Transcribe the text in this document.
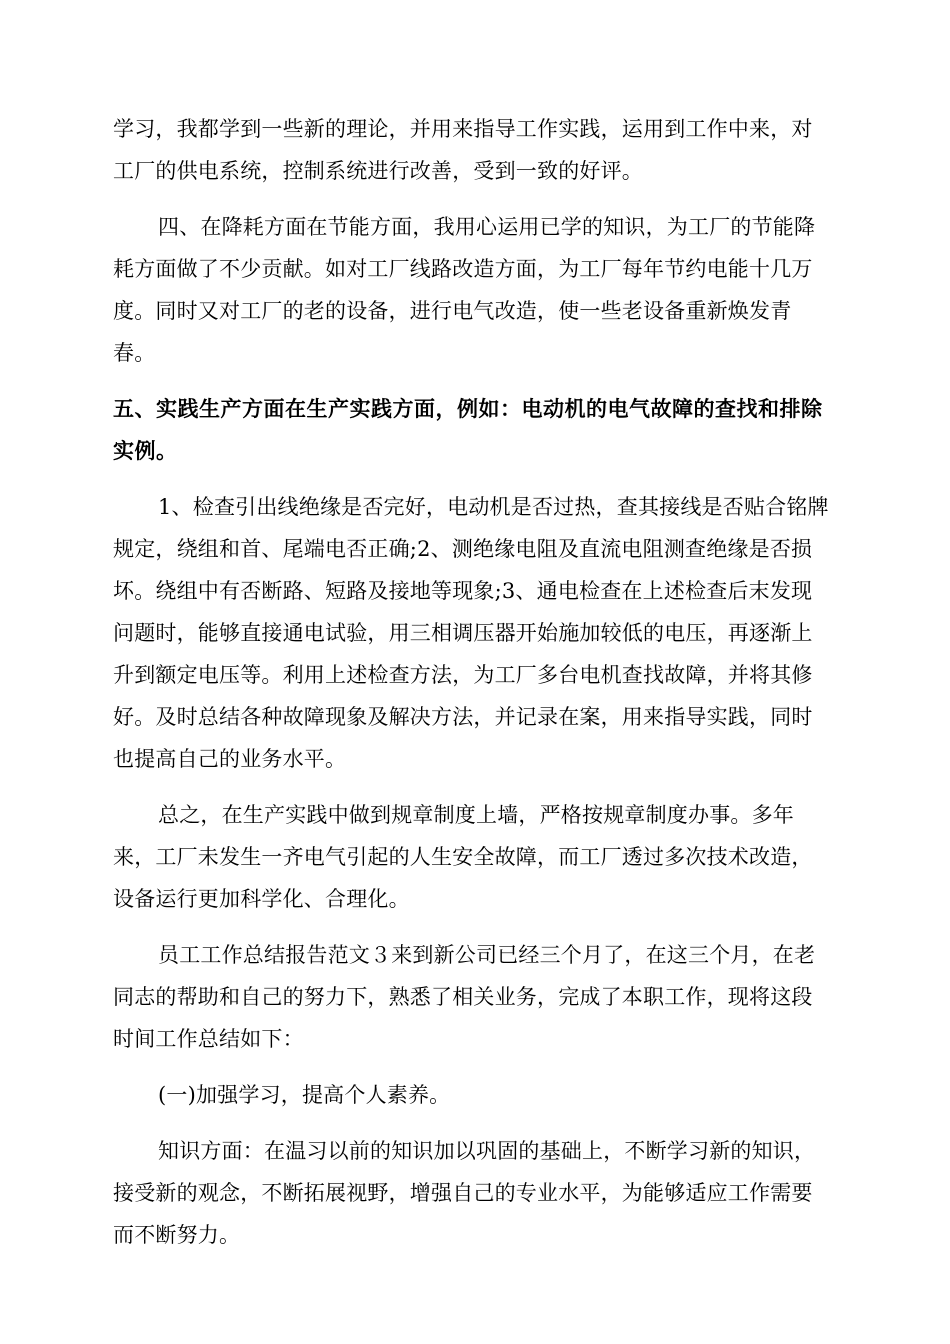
学习，我都学到一些新的理论，并用来指导工作实践，运用到工作中来，对工厂的供电系统，控制系统进行改善，受到一致的好评。

四、在降耗方面在节能方面，我用心运用已学的知识，为工厂的节能降耗方面做了不少贡献。如对工厂线路改造方面，为工厂每年节约电能十几万度。同时又对工厂的老的设备，进行电气改造，使一些老设备重新焕发青春。

五、实践生产方面在生产实践方面，例如：电动机的电气故障的查找和排除实例。

1、检查引出线绝缘是否完好，电动机是否过热，查其接线是否贴合铭牌规定，绕组和首、尾端电否正确;2、测绝缘电阻及直流电阻测查绝缘是否损坏。绕组中有否断路、短路及接地等现象;3、通电检查在上述检查后末发现问题时，能够直接通电试验，用三相调压器开始施加较低的电压，再逐渐上升到额定电压等。利用上述检查方法，为工厂多台电机查找故障，并将其修好。及时总结各种故障现象及解决方法，并记录在案，用来指导实践，同时也提高自己的业务水平。

总之，在生产实践中做到规章制度上墙，严格按规章制度办事。多年来，工厂未发生一齐电气引起的人生安全故障，而工厂透过多次技术改造，设备运行更加科学化、合理化。

员工工作总结报告范文３来到新公司已经三个月了，在这三个月，在老同志的帮助和自己的努力下，熟悉了相关业务，完成了本职工作，现将这段时间工作总结如下：

(一)加强学习，提高个人素养。

知识方面：在温习以前的知识加以巩固的基础上，不断学习新的知识，接受新的观念，不断拓展视野，增强自己的专业水平，为能够适应工作需要而不断努力。
